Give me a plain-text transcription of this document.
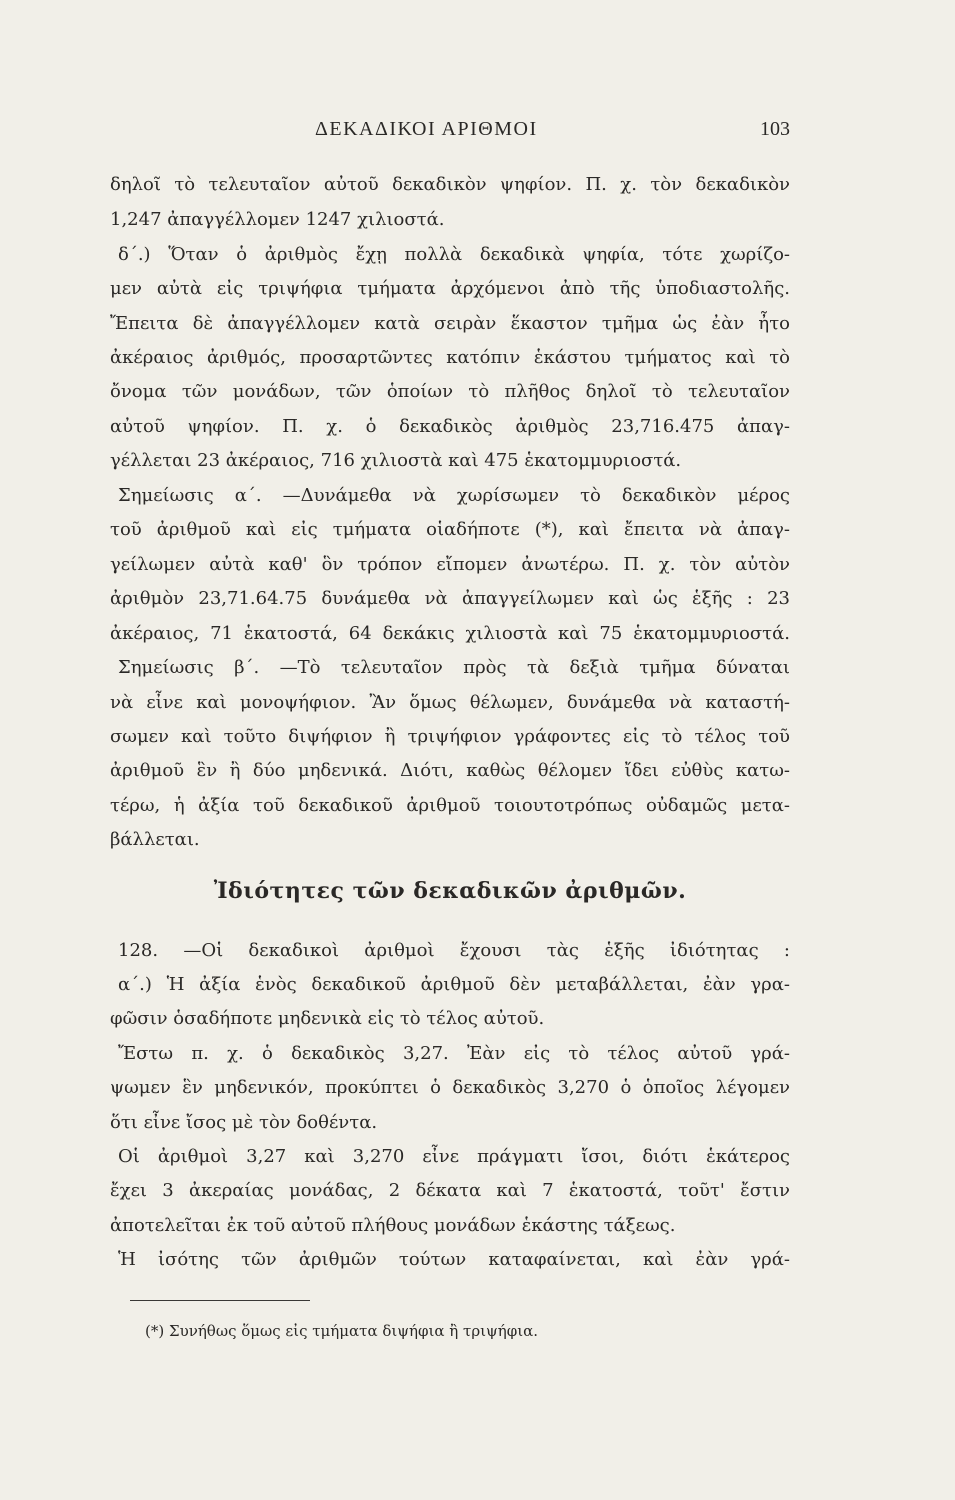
ΔΕΚΑΔΙΚΟΙ ΑΡΙΘΜΟΙ	103
δηλοῖ τὸ τελευταῖον αὐτοῦ δεκαδικὸν ψηφίον. Π. χ. τὸν δεκαδικὸν
1,247 ἀπαγγέλλομεν 1247 χιλιοστά.
δ΄.) Ὅταν ὁ ἀριθμὸς ἔχῃ πολλὰ δεκαδικὰ ψηφία, τότε χωρίζο-
μεν αὐτὰ εἰς τριψήφια τμήματα ἀρχόμενοι ἀπὸ τῆς ὑποδιαστολῆς.
Ἔπειτα δὲ ἀπαγγέλλομεν κατὰ σειρὰν ἕκαστον τμῆμα ὡς ἐὰν ἦτο
ἀκέραιος ἀριθμός, προσαρτῶντες κατόπιν ἑκάστου τμήματος καὶ τὸ
ὄνομα τῶν μονάδων, τῶν ὁποίων τὸ πλῆθος δηλοῖ τὸ τελευταῖον
αὐτοῦ ψηφίον. Π. χ. ὁ δεκαδικὸς ἀριθμὸς 23,716.475 ἀπαγ-
γέλλεται 23 ἀκέραιος, 716 χιλιοστὰ καὶ 475 ἑκατομμυριοστά.
Σημείωσις α΄. —Δυνάμεθα νὰ χωρίσωμεν τὸ δεκαδικὸν μέρος
τοῦ ἀριθμοῦ καὶ εἰς τμήματα οἱαδήποτε (*), καὶ ἔπειτα νὰ ἀπαγ-
γείλωμεν αὐτὰ καθ' ὃν τρόπον εἴπομεν ἀνωτέρω. Π. χ. τὸν αὐτὸν
ἀριθμὸν 23,71.64.75 δυνάμεθα νὰ ἀπαγγείλωμεν καὶ ὡς ἑξῆς : 23
ἀκέραιος, 71 ἑκατοστά, 64 δεκάκις χιλιοστὰ καὶ 75 ἑκατομμυριοστά.
Σημείωσις β΄. —Τὸ τελευταῖον πρὸς τὰ δεξιὰ τμῆμα δύναται
νὰ εἶνε καὶ μονοψήφιον. Ἂν ὅμως θέλωμεν, δυνάμεθα νὰ καταστή-
σωμεν καὶ τοῦτο διψήφιον ἢ τριψήφιον γράφοντες εἰς τὸ τέλος τοῦ
ἀριθμοῦ ἓν ἢ δύο μηδενικά. Διότι, καθὼς θέλομεν ἴδει εὐθὺς κατω-
τέρω, ἡ ἀξία τοῦ δεκαδικοῦ ἀριθμοῦ τοιουτοτρόπως οὐδαμῶς μετα-
βάλλεται.
Ἰδιότητες τῶν δεκαδικῶν ἀριθμῶν.
128. —Οἱ δεκαδικοὶ ἀριθμοὶ ἔχουσι τὰς ἑξῆς ἰδιότητας :
α΄.) Ἡ ἀξία ἑνὸς δεκαδικοῦ ἀριθμοῦ δὲν μεταβάλλεται, ἐὰν γρα-
φῶσιν ὁσαδήποτε μηδενικὰ εἰς τὸ τέλος αὐτοῦ.
Ἔστω π. χ. ὁ δεκαδικὸς 3,27. Ἐὰν εἰς τὸ τέλος αὐτοῦ γρά-
ψωμεν ἓν μηδενικόν, προκύπτει ὁ δεκαδικὸς 3,270 ὁ ὁποῖος λέγομεν
ὅτι εἶνε ἴσος μὲ τὸν δοθέντα.
Οἱ ἀριθμοὶ 3,27 καὶ 3,270 εἶνε πράγματι ἴσοι, διότι ἑκάτερος
ἔχει 3 ἀκεραίας μονάδας, 2 δέκατα καὶ 7 ἑκατοστά, τοῦτ' ἔστιν
ἀποτελεῖται ἐκ τοῦ αὐτοῦ πλήθους μονάδων ἑκάστης τάξεως.
Ἡ ἰσότης τῶν ἀριθμῶν τούτων καταφαίνεται, καὶ ἐὰν γρά-
(*) Συνήθως ὅμως εἰς τμήματα διψήφια ἢ τριψήφια.
